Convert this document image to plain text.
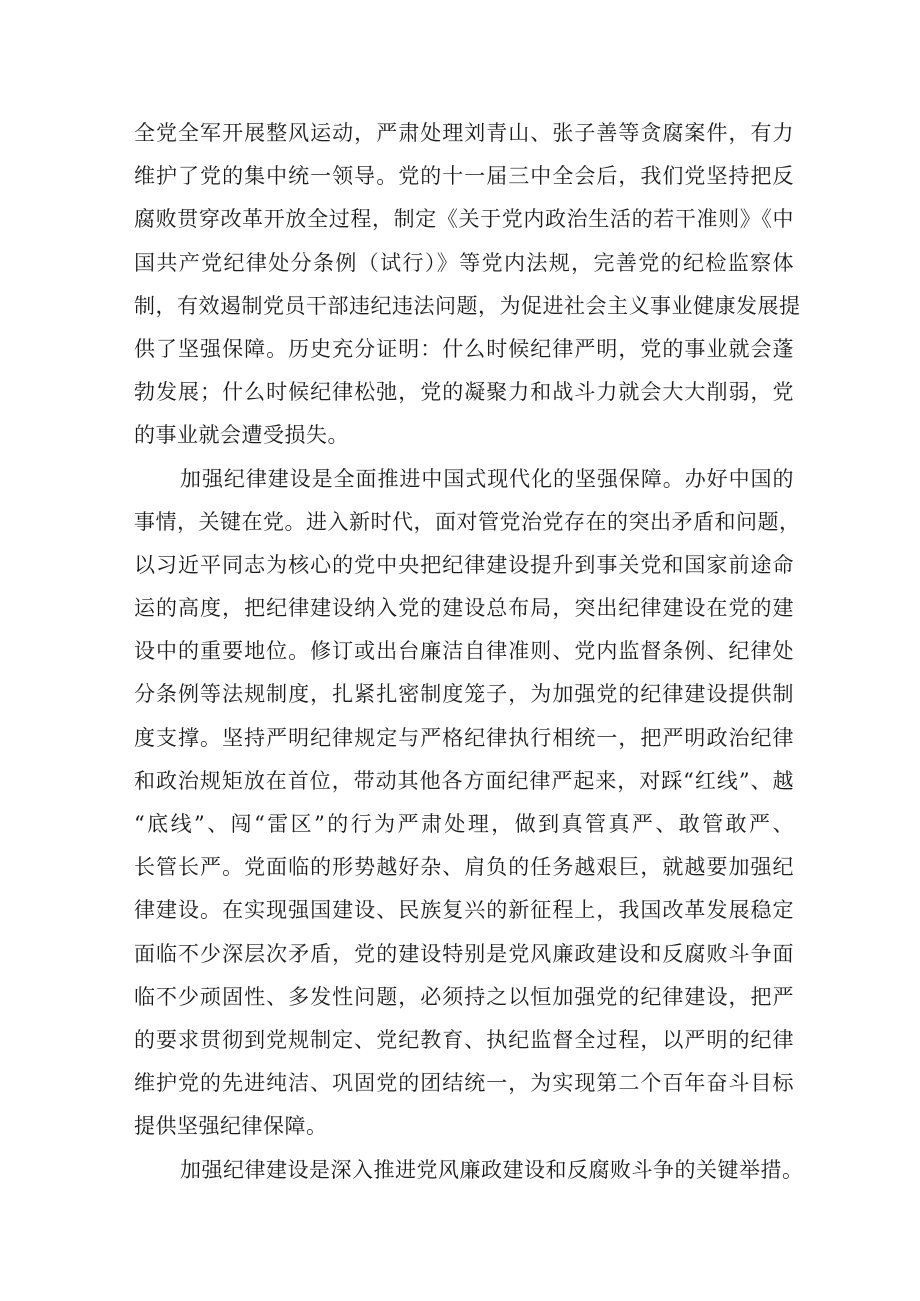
全党全军开展整风运动，严肃处理刘青山、张子善等贪腐案件，有力
维护了党的集中统一领导。党的十一届三中全会后，我们党坚持把反
腐败贯穿改革开放全过程，制定《关于党内政治生活的若干准则》《中
国共产党纪律处分条例（试行）》等党内法规，完善党的纪检监察体
制，有效遏制党员干部违纪违法问题，为促进社会主义事业健康发展提
供了坚强保障。历史充分证明：什么时候纪律严明，党的事业就会蓬
勃发展；什么时候纪律松弛，党的凝聚力和战斗力就会大大削弱，党
的事业就会遭受损失。
加强纪律建设是全面推进中国式现代化的坚强保障。办好中国的
事情，关键在党。进入新时代，面对管党治党存在的突出矛盾和问题，
以习近平同志为核心的党中央把纪律建设提升到事关党和国家前途命
运的高度，把纪律建设纳入党的建设总布局，突出纪律建设在党的建
设中的重要地位。修订或出台廉洁自律准则、党内监督条例、纪律处
分条例等法规制度，扎紧扎密制度笼子，为加强党的纪律建设提供制
度支撑。坚持严明纪律规定与严格纪律执行相统一，把严明政治纪律
和政治规矩放在首位，带动其他各方面纪律严起来，对踩“红线”、越
“底线”、闯“雷区”的行为严肃处理，做到真管真严、敢管敢严、
长管长严。党面临的形势越好杂、肩负的任务越艰巨，就越要加强纪
律建设。在实现强国建设、民族复兴的新征程上，我国改革发展稳定
面临不少深层次矛盾，党的建设特别是党风廉政建设和反腐败斗争面
临不少顽固性、多发性问题，必须持之以恒加强党的纪律建设，把严
的要求贯彻到党规制定、党纪教育、执纪监督全过程，以严明的纪律
维护党的先进纯洁、巩固党的团结统一，为实现第二个百年奋斗目标
提供坚强纪律保障。
加强纪律建设是深入推进党风廉政建设和反腐败斗争的关键举措。
